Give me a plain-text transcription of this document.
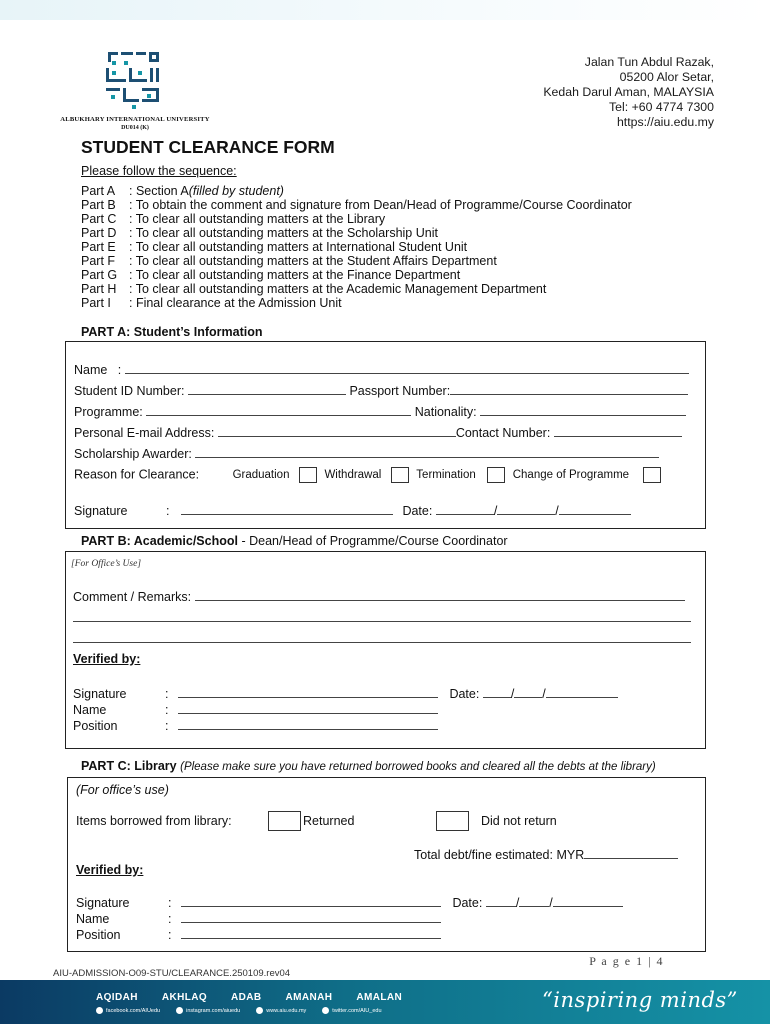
ALBUKHARY INTERNATIONAL UNIVERSITY
DU014 (K)
Jalan Tun Abdul Razak,
05200 Alor Setar,
Kedah Darul Aman, MALAYSIA
Tel: +60 4774 7300
https://aiu.edu.my
STUDENT CLEARANCE FORM
Please follow the sequence:
Part A	: Section A (filled by student)
Part B	: To obtain the comment and signature from Dean/Head of Programme/Course Coordinator
Part C	: To clear all outstanding matters at the Library
Part D	: To clear all outstanding matters at the Scholarship Unit
Part E	: To clear all outstanding matters at International Student Unit
Part F	: To clear all outstanding matters at the Student Affairs Department
Part G : To clear all outstanding matters at the Finance Department
Part H	: To clear all outstanding matters at the Academic Management Department
Part I	: Final clearance at the Admission Unit
PART A: Student’s Information
Name   :
Student ID Number:	Passport Number:
Programme:	Nationality:
Personal E-mail Address:	Contact Number:
Scholarship Awarder:
Reason for Clearance:	Graduation	Withdrawal	Termination	Change of Programme
Signature	:	Date:	/	/
PART B: Academic/School - Dean/Head of Programme/Course Coordinator
[For Office’s Use]
Comment / Remarks:
Verified by:
Signature	:	Date:	/ /
Name	:
Position	:
PART C: Library (Please make sure you have returned borrowed books and cleared all the debts at the library)
(For office’s use)
Items borrowed from library:	Returned	Did not return
Total debt/fine estimated: MYR
Verified by:
Signature	:	Date:	/ /
Name	:
Position	:
P a g e 1 | 4
AIU-ADMISSION-O09-STU/CLEARANCE.250109.rev04
AQIDAH AKHLAQ ADAB AMANAH AMALAN
facebook.com/AIUedu	instagram.com/aiuedu	www.aiu.edu.my	twitter.com/AIU_edu	“inspiring minds”
